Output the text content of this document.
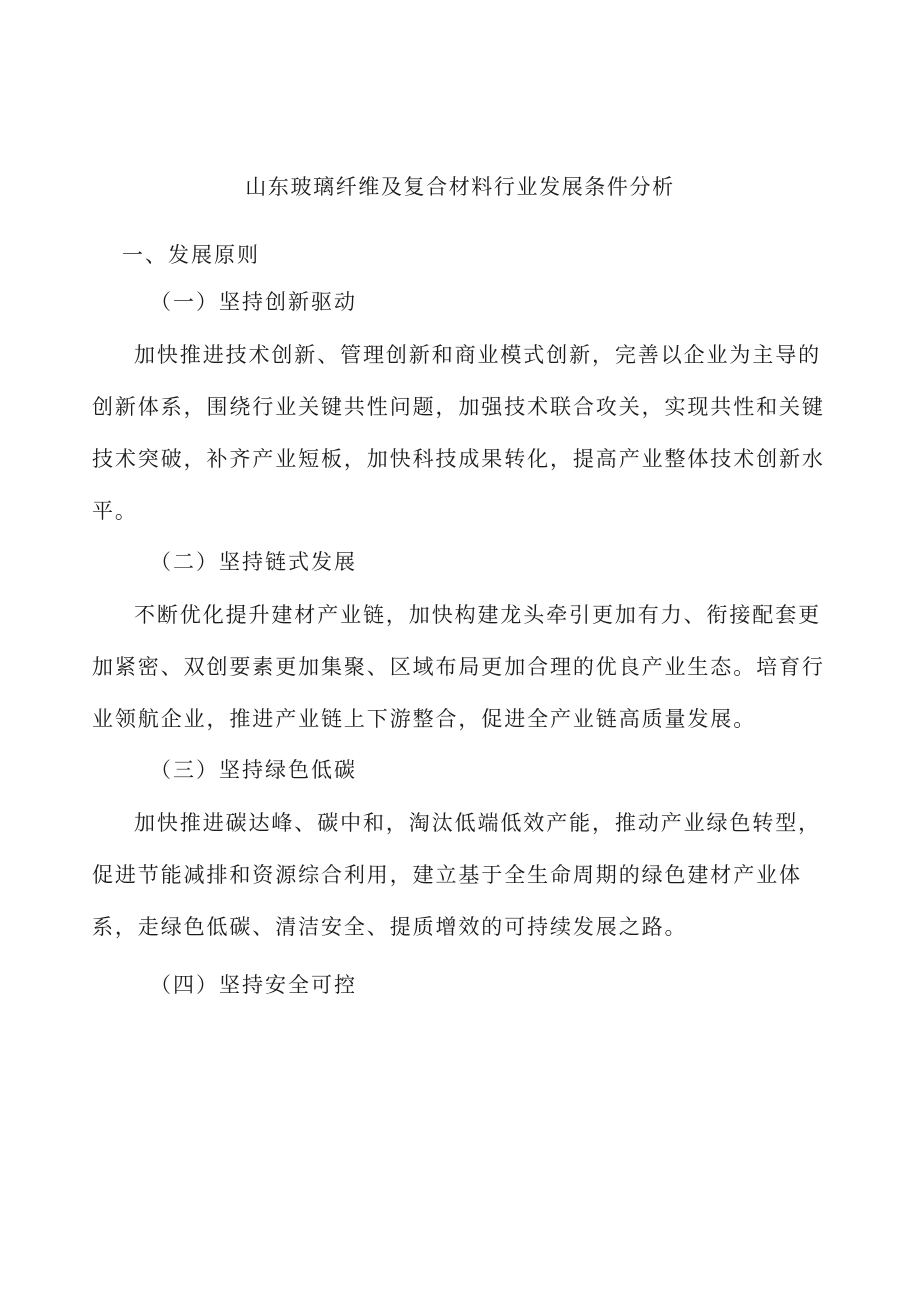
山东玻璃纤维及复合材料行业发展条件分析
一、发展原则
（一）坚持创新驱动
加快推进技术创新、管理创新和商业模式创新，完善以企业为主导的
创新体系，围绕行业关键共性问题，加强技术联合攻关，实现共性和关键
技术突破，补齐产业短板，加快科技成果转化，提高产业整体技术创新水
平。
（二）坚持链式发展
不断优化提升建材产业链，加快构建龙头牵引更加有力、衔接配套更
加紧密、双创要素更加集聚、区域布局更加合理的优良产业生态。培育行
业领航企业，推进产业链上下游整合，促进全产业链高质量发展。
（三）坚持绿色低碳
加快推进碳达峰、碳中和，淘汰低端低效产能，推动产业绿色转型，
促进节能减排和资源综合利用，建立基于全生命周期的绿色建材产业体
系，走绿色低碳、清洁安全、提质增效的可持续发展之路。
（四）坚持安全可控
